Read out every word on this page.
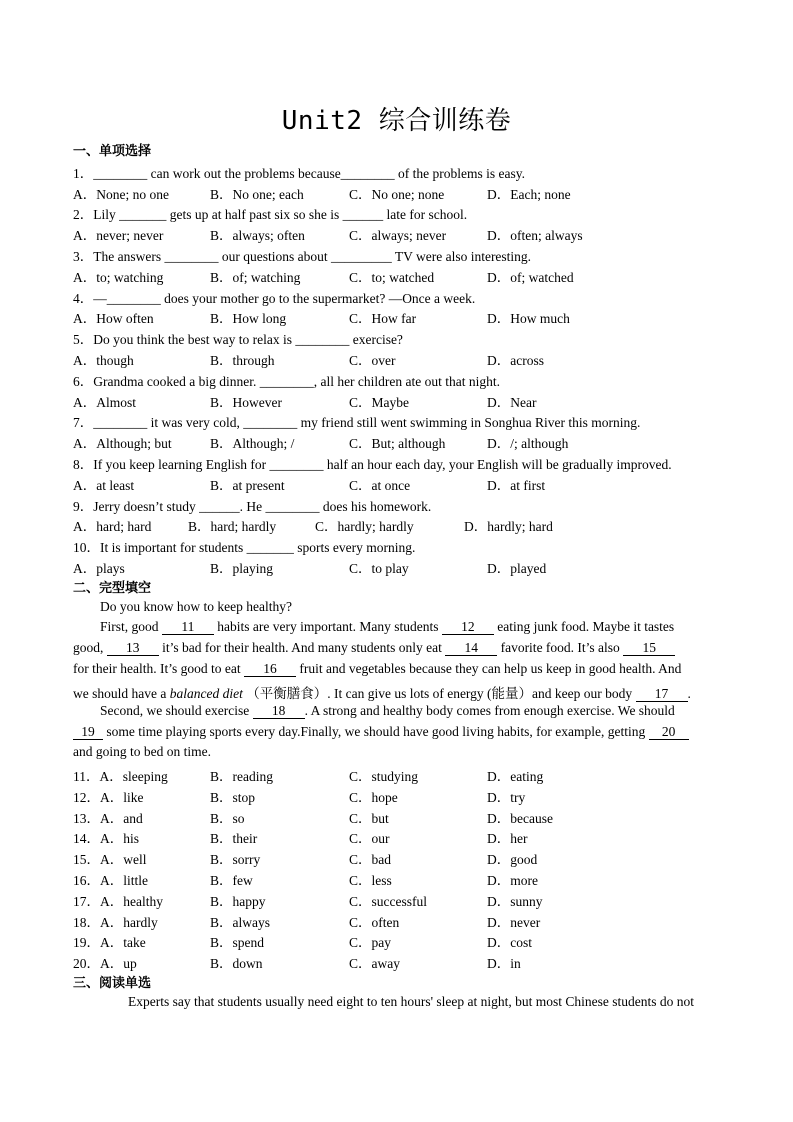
Unit2 综合训练卷
一、单项选择
1．________ can work out the problems because________ of the problems is easy.
A．None; no one	B．No one; each	C．No one; none	D．Each; none
2．Lily _______ gets up at half past six so she is ______ late for school.
A．never; never	B．always; often	C．always; never	D．often; always
3．The answers ________ our questions about _________ TV were also interesting.
A．to; watching	B．of; watching	C．to; watched	D．of; watched
4．—________ does your mother go to the supermarket? —Once a week.
A．How often	B．How long	C．How far	D．How much
5．Do you think the best way to relax is ________ exercise?
A．though	B．through	C．over	D．across
6．Grandma cooked a big dinner. ________, all her children ate out that night.
A．Almost	B．However	C．Maybe	D．Near
7．________ it was very cold, ________ my friend still went swimming in Songhua River this morning.
A．Although; but	B．Although; /	C．But; although	D．/; although
8．If you keep learning English for ________ half an hour each day, your English will be gradually improved.
A．at least	B．at present	C．at once	D．at first
9．Jerry doesn’t study ______. He ________ does his homework.
A．hard; hard	B．hard; hardly	C．hardly; hardly	D．hardly; hard
10．It is important for students _______ sports every morning.
A．plays	B．playing	C．to play	D．played
二、完型填空
Do you know how to keep healthy?
First, good 11 habits are very important. Many students 12 eating junk food. Maybe it tastes
good, 13 it’s bad for their health. And many students only eat 14 favorite food. It’s also 15
for their health. It’s good to eat 16 fruit and vegetables because they can help us keep in good health. And
we should have a balanced diet （平衡膳食）. It can give us lots of energy (能量）and keep our body 17 .
Second, we should exercise 18 . A strong and healthy body comes from enough exercise. We should
19 some time playing sports every day.Finally, we should have good living habits, for example, getting 20
and going to bed on time.
11．A．sleeping	B．reading	C．studying	D．eating
12．A．like	B．stop	C．hope	D．try
13．A．and	B．so	C．but	D．because
14．A．his	B．their	C．our	D．her
15．A．well	B．sorry	C．bad	D．good
16．A．little	B．few	C．less	D．more
17．A．healthy	B．happy	C．successful	D．sunny
18．A．hardly	B．always	C．often	D．never
19．A．take	B．spend	C．pay	D．cost
20．A．up	B．down	C．away	D．in
三、阅读单选
Experts say that students usually need eight to ten hours' sleep at night, but most Chinese students do not
